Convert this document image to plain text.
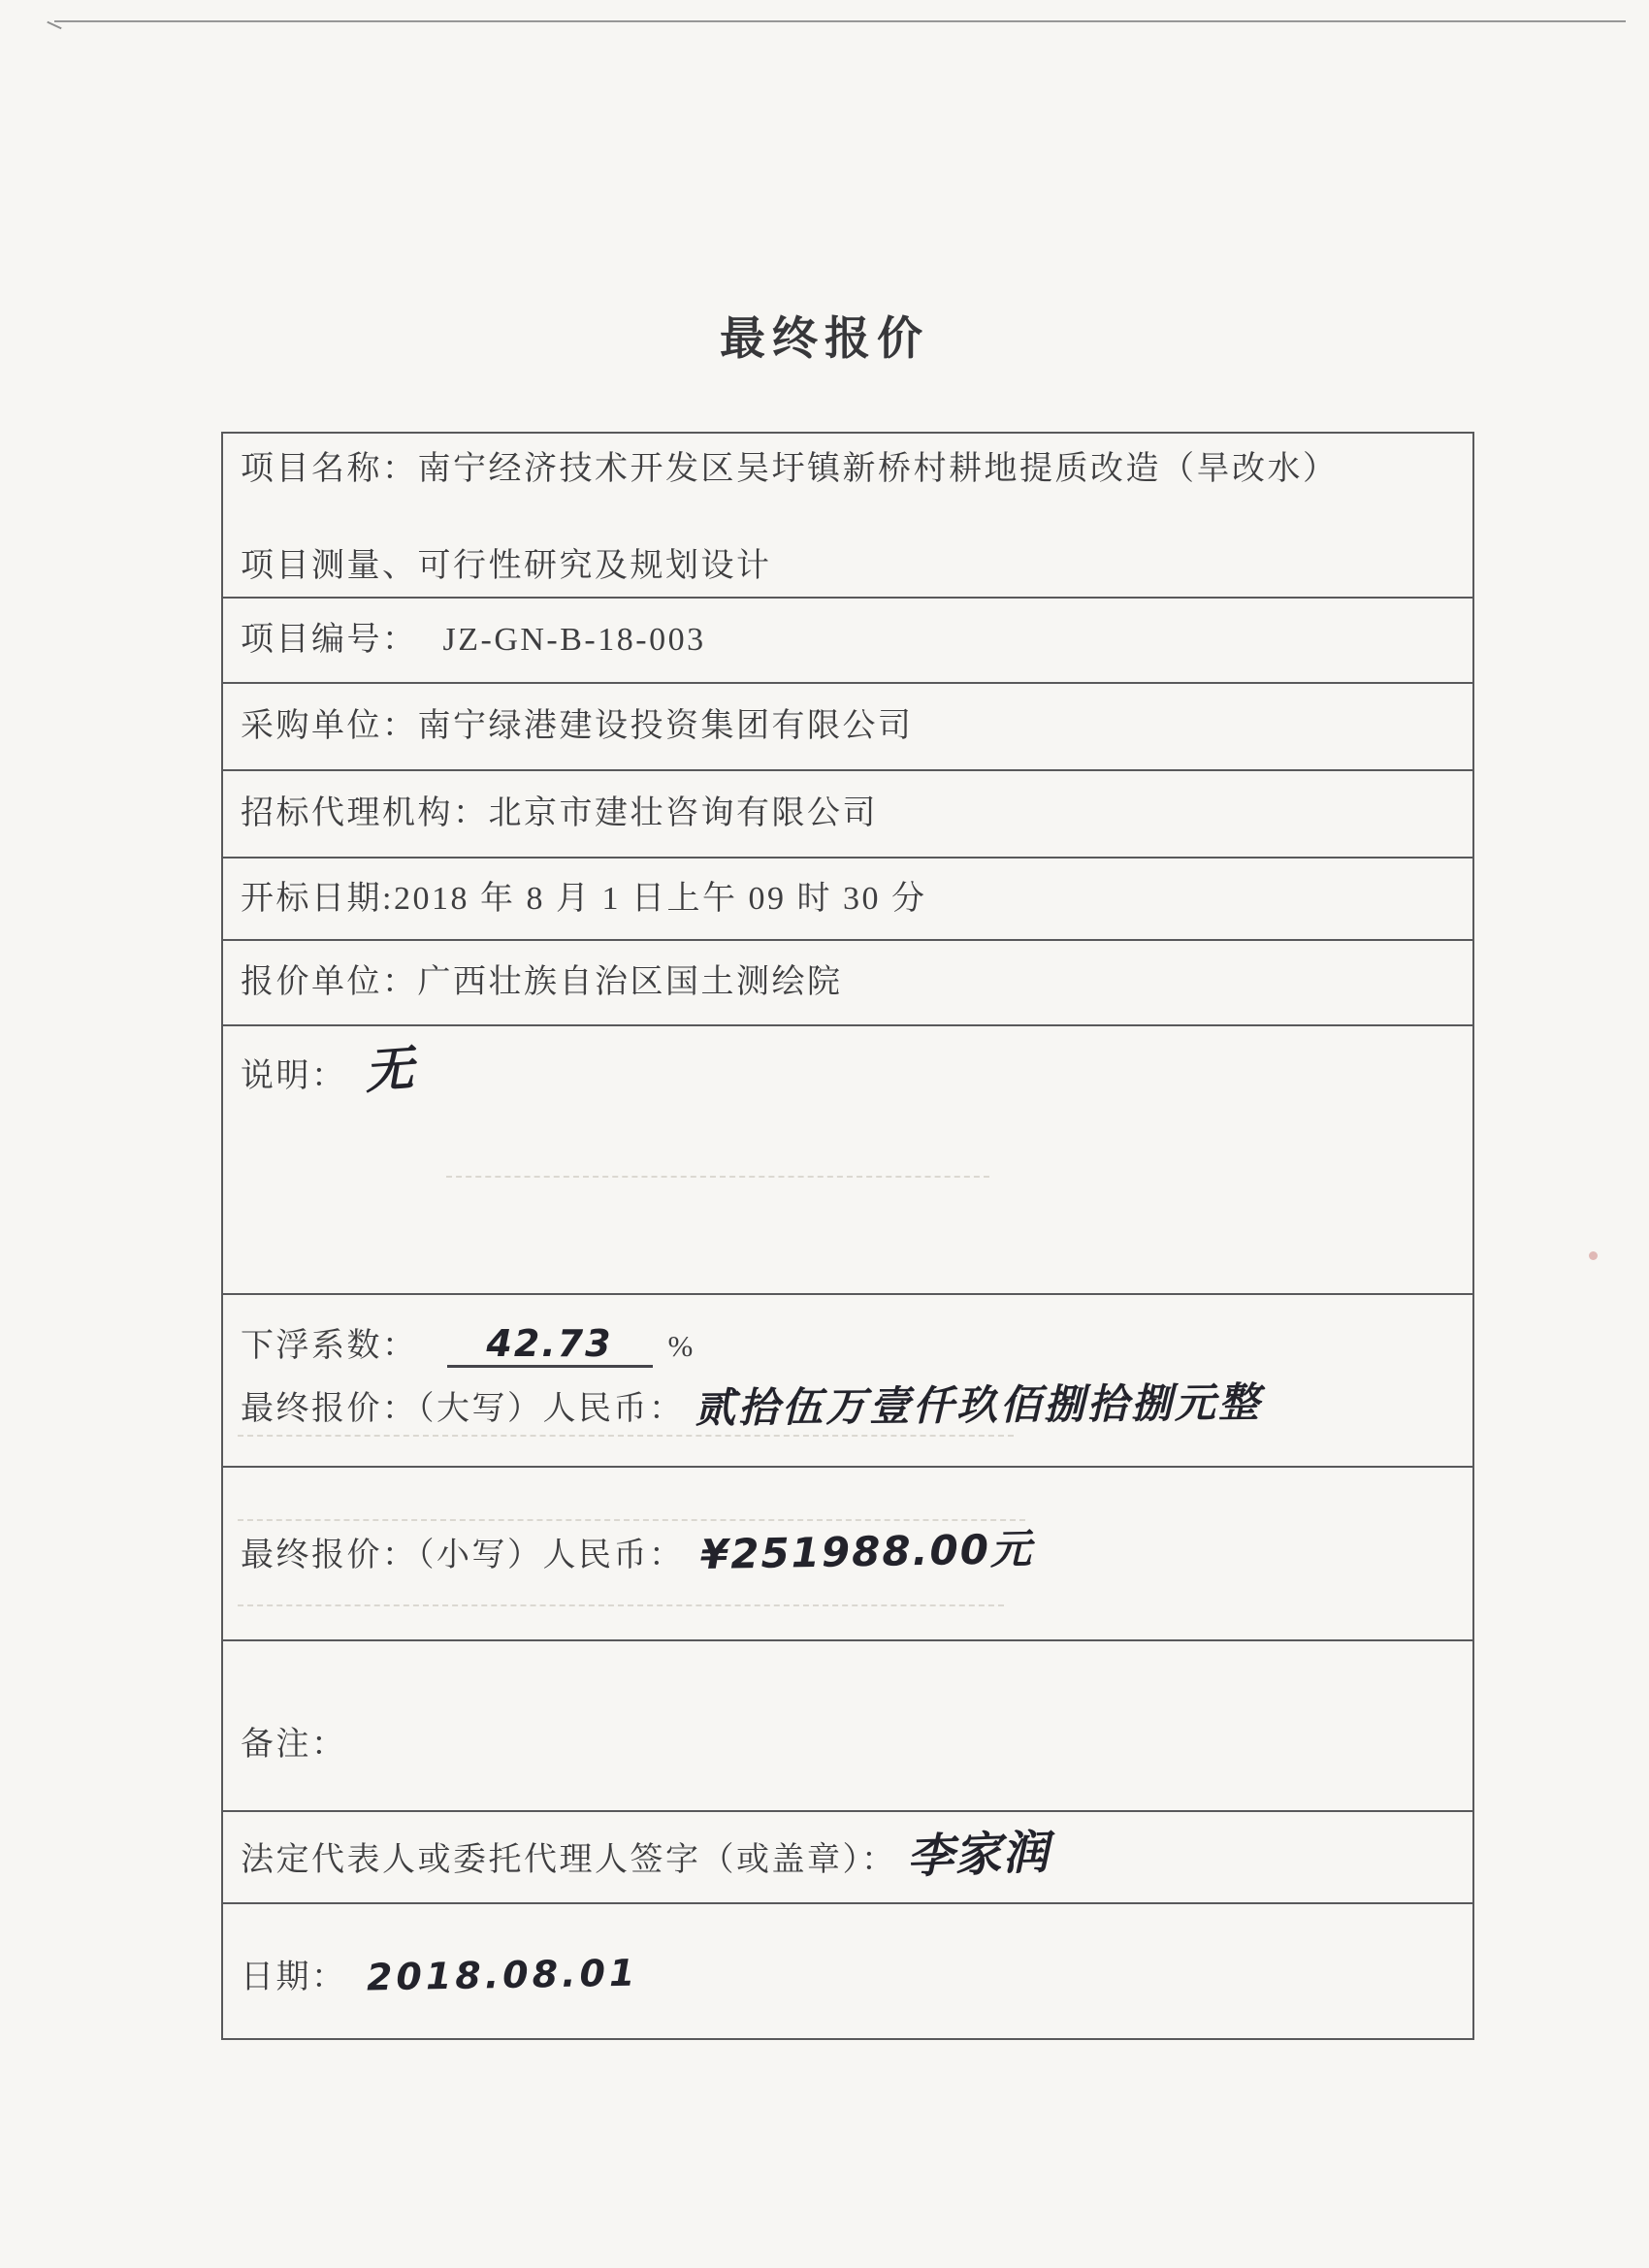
最终报价
项目名称：南宁经济技术开发区吴圩镇新桥村耕地提质改造（旱改水）
项目测量、可行性研究及规划设计
项目编号： JZ-GN-B-18-003
采购单位：南宁绿港建设投资集团有限公司
招标代理机构：北京市建壮咨询有限公司
开标日期:2018 年 8 月 1 日上午 09 时 30 分
报价单位：广西壮族自治区国土测绘院
说明： 无
下浮系数： 42.73 %
最终报价：（大写）人民币： 贰拾伍万壹仟玖佰捌拾捌元整
最终报价：（小写）人民币： ¥251988.00元
备注：
法定代表人或委托代理人签字（或盖章）： 李家润
日期： 2018.08.01
